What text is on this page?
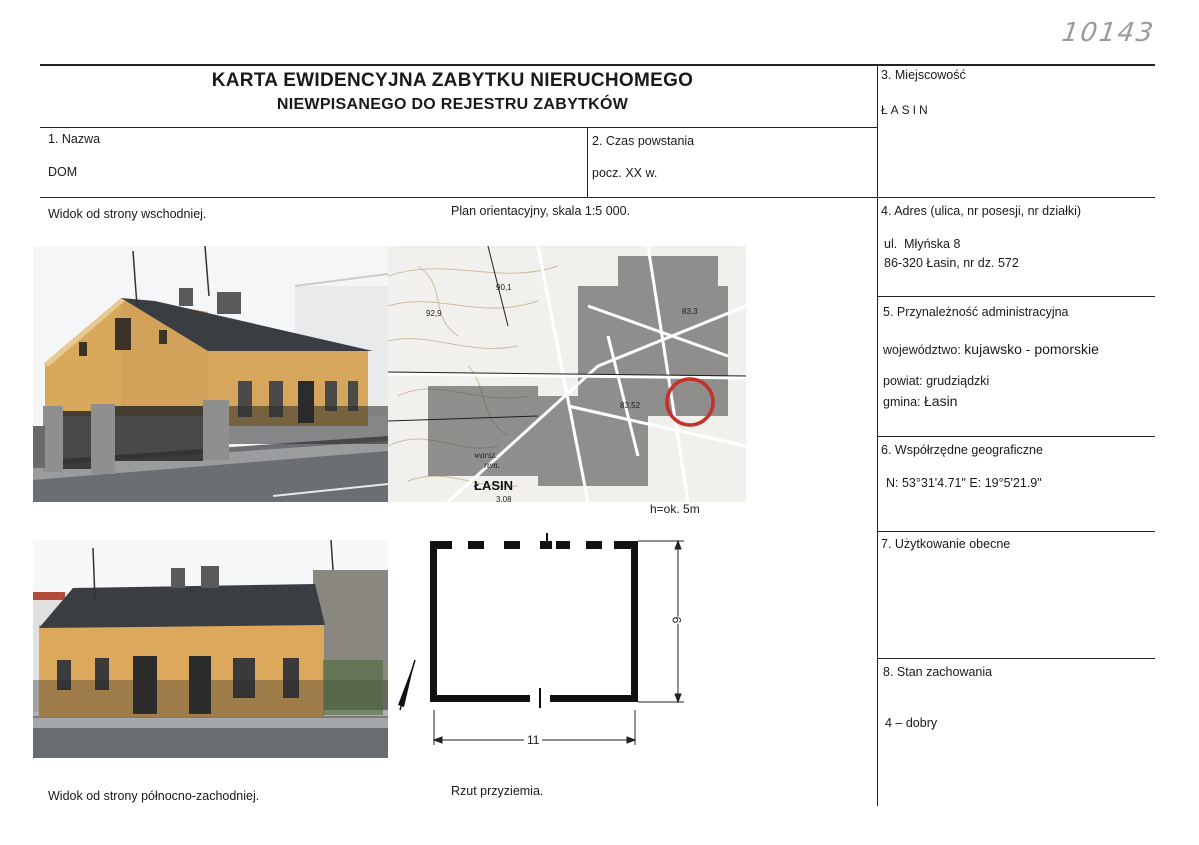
10143
KARTA EWIDENCYJNA ZABYTKU NIERUCHOMEGO
NIEWPISANEGO DO REJESTRU ZABYTKÓW
1. Nazwa
DOM
2. Czas powstania
pocz. XX w.
3. Miejscowość
ŁASIN
4. Adres (ulica, nr posesji, nr działki)
ul.  Młyńska 8
86-320 Łasin, nr dz. 572
5. Przynależność administracyjna
województwo: kujawsko - pomorskie
powiat: grudziądzki
gmina: Łasin
6. Współrzędne geograficzne
N: 53°31'4.71" E: 19°5'21.9"
7. Użytkowanie obecne
8. Stan zachowania
4 – dobry
Widok od strony wschodniej.	Plan orientacyjny, skala 1:5 000.
Widok od strony północno-zachodniej.	Rzut przyziemia.
ŁASIN
90,1
92,9	83,3
83,52
3,08
rem.
warsz.
h=ok. 5m
11
6
